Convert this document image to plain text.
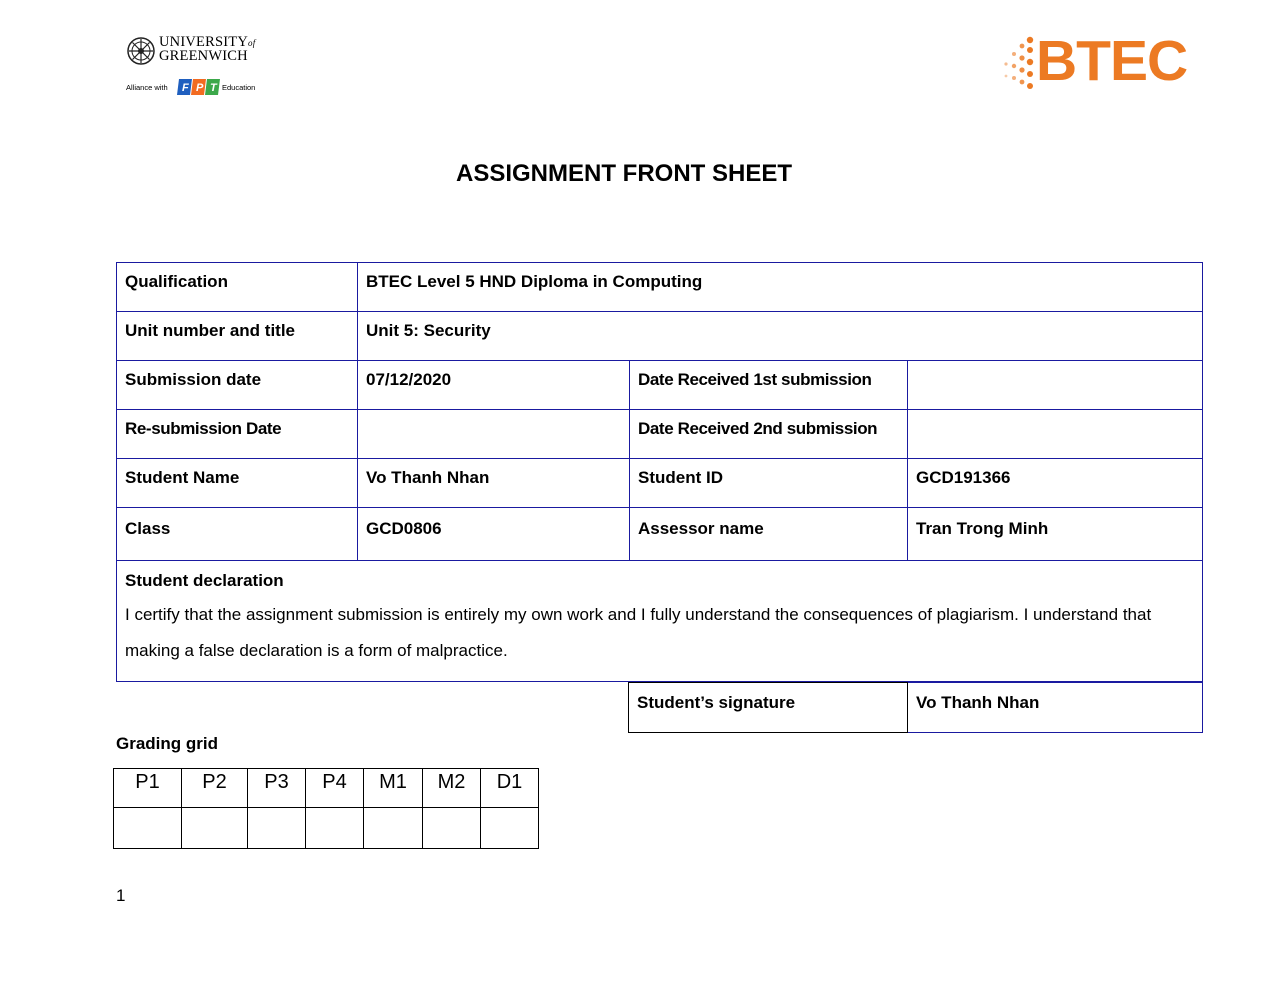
UNIVERSITYof
GREENWICH
Alliance with F P T Education	BTEC
ASSIGNMENT FRONT SHEET
Qualification	BTEC Level 5 HND Diploma in Computing		
Unit number and title	Unit 5: Security		
Submission date	07/12/2020	Date Received 1st submission	
Re-submission Date		Date Received 2nd submission	
Student Name	Vo Thanh Nhan	Student ID	GCD191366
Class	GCD0806	Assessor name	Tran Trong Minh

Student declaration
I certify that the assignment submission is entirely my own work and I fully understand the consequences of plagiarism. I understand that making a false declaration is a form of malpractice.			
Student’s signature	Vo Thanh Nhan
Grading grid
P1	P2	P3	P4	M1	M2	D1

1
